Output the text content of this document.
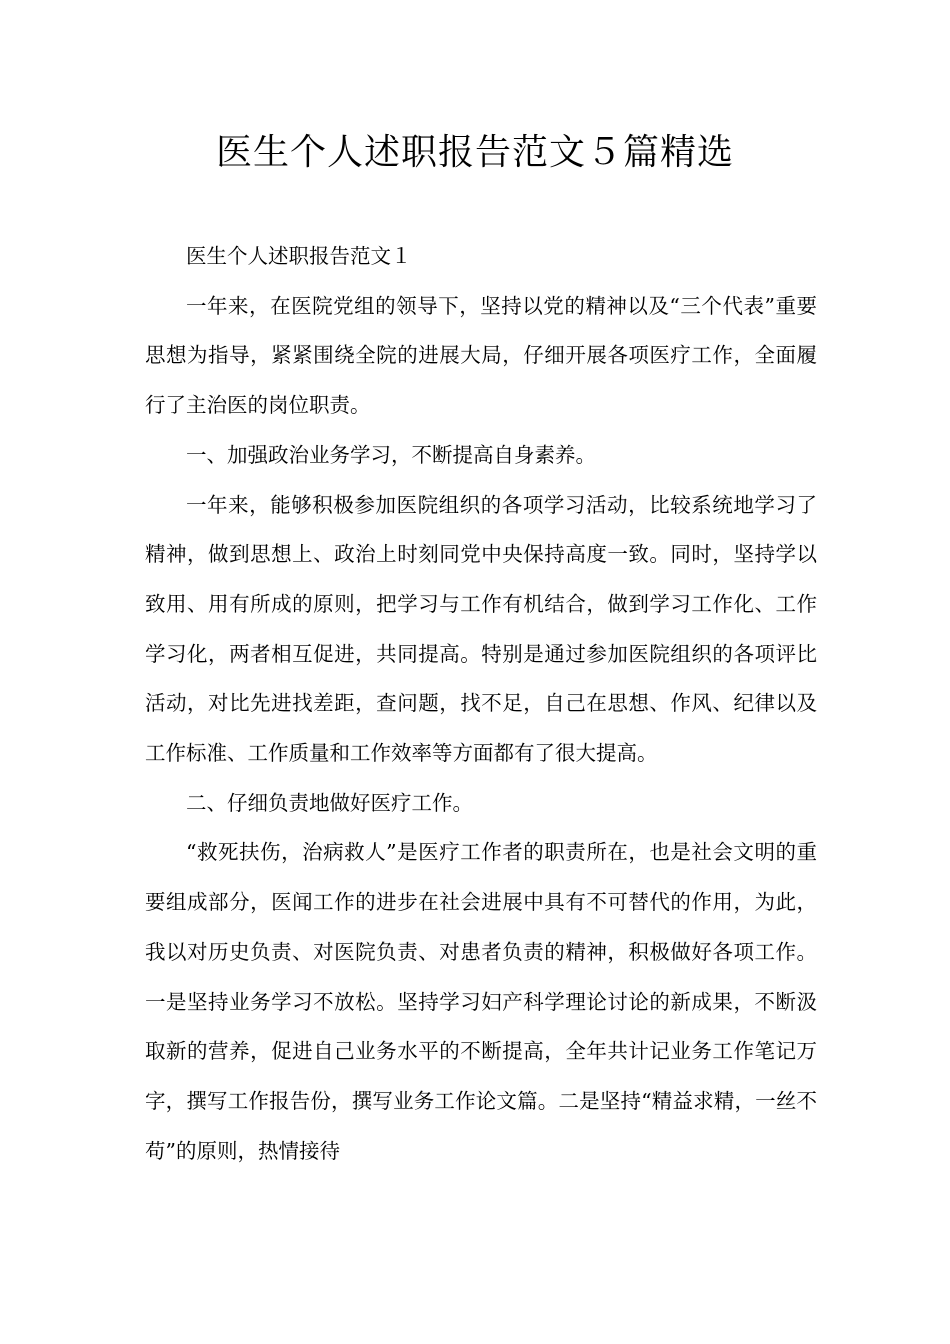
医生个人述职报告范文５篇精选

医生个人述职报告范文１

一年来，在医院党组的领导下，坚持以党的精神以及“三个代表”重要思想为指导，紧紧围绕全院的进展大局，仔细开展各项医疗工作，全面履行了主治医的岗位职责。

一、加强政治业务学习，不断提高自身素养。

一年来，能够积极参加医院组织的各项学习活动，比较系统地学习了精神，做到思想上、政治上时刻同党中央保持高度一致。同时，坚持学以致用、用有所成的原则，把学习与工作有机结合，做到学习工作化、工作学习化，两者相互促进，共同提高。特别是通过参加医院组织的各项评比活动，对比先进找差距，查问题，找不足，自己在思想、作风、纪律以及工作标准、工作质量和工作效率等方面都有了很大提高。

二、仔细负责地做好医疗工作。

“救死扶伤，治病救人”是医疗工作者的职责所在，也是社会文明的重要组成部分，医闻工作的进步在社会进展中具有不可替代的作用，为此，我以对历史负责、对医院负责、对患者负责的精神，积极做好各项工作。一是坚持业务学习不放松。坚持学习妇产科学理论讨论的新成果，不断汲取新的营养，促进自己业务水平的不断提高，全年共计记业务工作笔记万字，撰写工作报告份，撰写业务工作论文篇。二是坚持“精益求精，一丝不苟”的原则，热情接待
